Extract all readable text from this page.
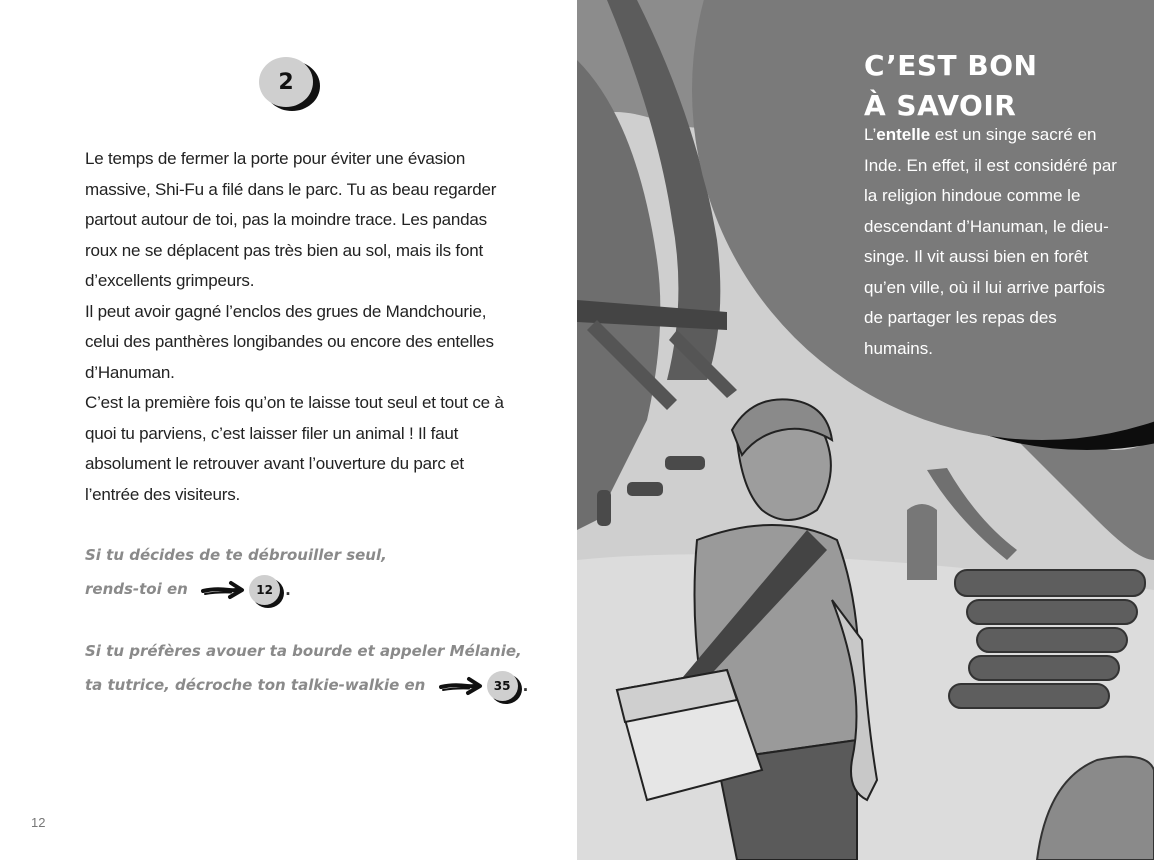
2

Le temps de fermer la porte pour éviter une évasion massive, Shi-Fu a filé dans le parc. Tu as beau regarder partout autour de toi, pas la moindre trace. Les pandas roux ne se déplacent pas très bien au sol, mais ils font d’excellents grimpeurs.

Il peut avoir gagné l’enclos des grues de Mandchourie, celui des panthères longibandes ou encore des entelles d’Hanuman.

C’est la première fois qu’on te laisse tout seul et tout ce à quoi tu parviens, c’est laisser filer un animal ! Il faut absolument le retrouver avant l’ouverture du parc et l’entrée des visiteurs.

Si tu décides de te débrouiller seul,
rends-toi en	12 .
Si tu préfères avouer ta bourde et appeler Mélanie,
ta tutrice, décroche ton talkie-walkie en	35 .
12
C’EST BON
À SAVOIR
L’entelle est un singe sacré en Inde. En effet, il est considéré par la religion hindoue comme le descendant d’Hanuman, le dieu-singe. Il vit aussi bien en forêt qu’en ville, où il lui arrive parfois de partager les repas des humains.
